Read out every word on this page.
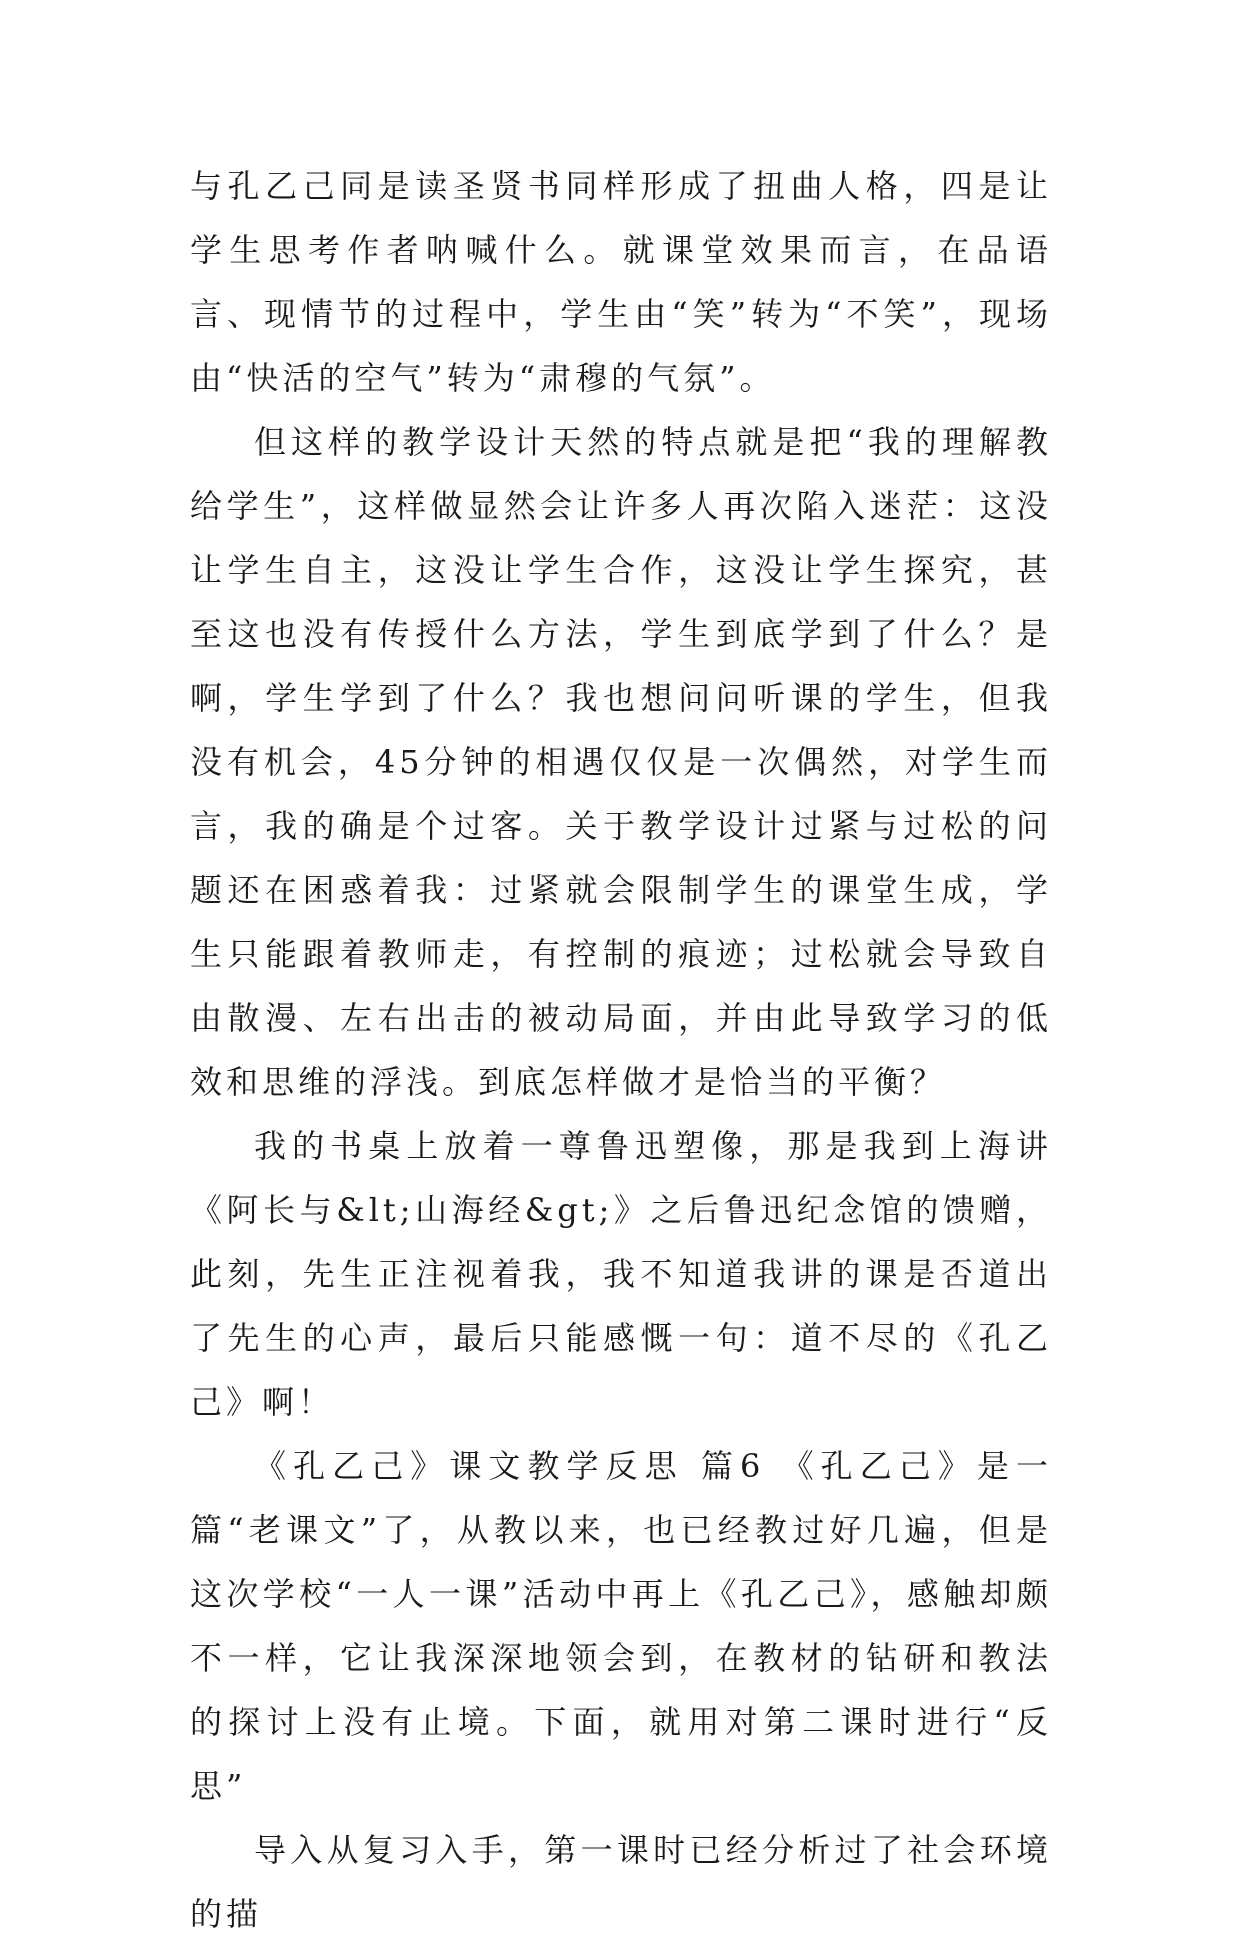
与孔乙己同是读圣贤书同样形成了扭曲人格，四是让学生思考作者呐喊什么。就课堂效果而言，在品语言、现情节的过程中，学生由“笑”转为“不笑”，现场由“快活的空气”转为“肃穆的气氛”。

但这样的教学设计天然的特点就是把“我的理解教给学生”，这样做显然会让许多人再次陷入迷茫：这没让学生自主，这没让学生合作，这没让学生探究，甚至这也没有传授什么方法，学生到底学到了什么？是啊，学生学到了什么？我也想问问听课的学生，但我没有机会，45分钟的相遇仅仅是一次偶然，对学生而言，我的确是个过客。关于教学设计过紧与过松的问题还在困惑着我：过紧就会限制学生的课堂生成，学生只能跟着教师走，有控制的痕迹；过松就会导致自由散漫、左右出击的被动局面，并由此导致学习的低效和思维的浮浅。到底怎样做才是恰当的平衡？

我的书桌上放着一尊鲁迅塑像，那是我到上海讲《阿长与&lt;山海经&gt;》之后鲁迅纪念馆的馈赠，此刻，先生正注视着我，我不知道我讲的课是否道出了先生的心声，最后只能感慨一句：道不尽的《孔乙己》啊！

《孔乙己》课文教学反思 篇6 《孔乙己》是一篇“老课文”了，从教以来，也已经教过好几遍，但是这次学校“一人一课”活动中再上《孔乙己》，感触却颇不一样，它让我深深地领会到，在教材的钻研和教法的探讨上没有止境。下面，就用对第二课时进行“反思”

导入从复习入手，第一课时已经分析过了社会环境的描
